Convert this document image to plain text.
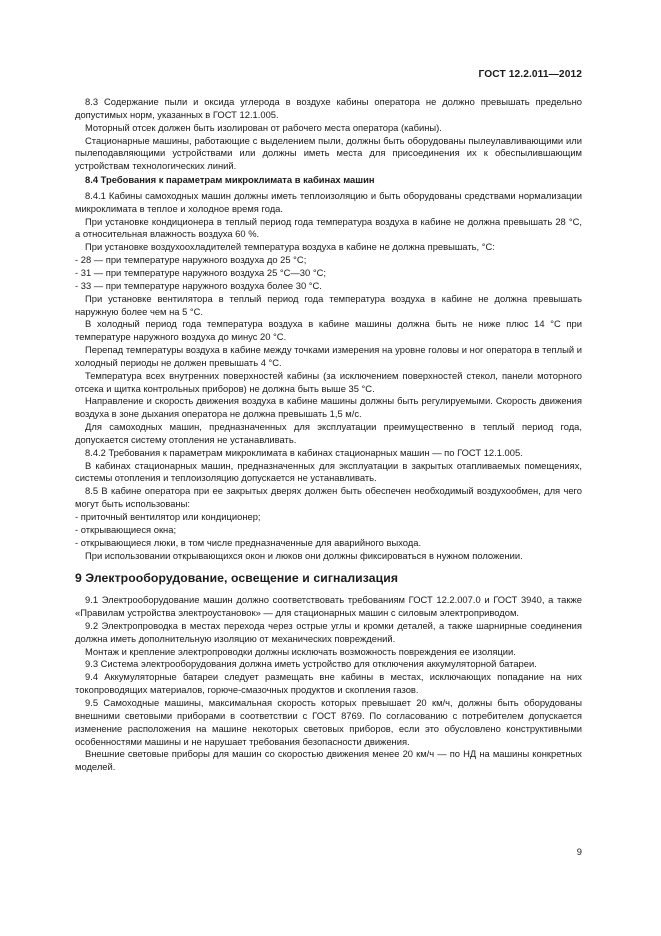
ГОСТ 12.2.011—2012

8.3 Содержание пыли и оксида углерода в воздухе кабины оператора не должно превышать предельно допустимых норм, указанных в ГОСТ 12.1.005.

Моторный отсек должен быть изолирован от рабочего места оператора (кабины).

Стационарные машины, работающие с выделением пыли, должны быть оборудованы пылеулавливающими или пылеподавляющими устройствами или должны иметь места для присоединения их к обеспылившающим устройствам технологических линий.

8.4 Требования к параметрам микроклимата в кабинах машин

8.4.1 Кабины самоходных машин должны иметь теплоизоляцию и быть оборудованы средствами нормализации микроклимата в теплое и холодное время года.

При установке кондиционера в теплый период года температура воздуха в кабине не должна превышать 28 °С, а относительная влажность воздуха 60 %.

При установке воздухоохладителей температура воздуха в кабине не должна превышать, °С:

- 28 — при температуре наружного воздуха до 25 °С;

- 31 — при температуре наружного воздуха 25 °С—30 °С;

- 33 — при температуре наружного воздуха более 30 °С.

При установке вентилятора в теплый период года температура воздуха в кабине не должна превышать наружную более чем на 5 °С.

В холодный период года температура воздуха в кабине машины должна быть не ниже плюс 14 °С при температуре наружного воздуха до минус 20 °С.

Перепад температуры воздуха в кабине между точками измерения на уровне головы и ног оператора в теплый и холодный периоды не должен превышать 4 °С.

Температура всех внутренних поверхностей кабины (за исключением поверхностей стекол, панели моторного отсека и щитка контрольных приборов) не должна быть выше 35 °С.

Направление и скорость движения воздуха в кабине машины должны быть регулируемыми. Скорость движения воздуха в зоне дыхания оператора не должна превышать 1,5 м/с.

Для самоходных машин, предназначенных для эксплуатации преимущественно в теплый период года, допускается систему отопления не устанавливать.

8.4.2 Требования к параметрам микроклимата в кабинах стационарных машин — по ГОСТ 12.1.005.

В кабинах стационарных машин, предназначенных для эксплуатации в закрытых отапливаемых помещениях, системы отопления и теплоизоляцию допускается не устанавливать.

8.5 В кабине оператора при ее закрытых дверях должен быть обеспечен необходимый воздухообмен, для чего могут быть использованы:

- приточный вентилятор или кондиционер;

- открывающиеся окна;

- открывающиеся люки, в том числе предназначенные для аварийного выхода.

При использовании открывающихся окон и люков они должны фиксироваться в нужном положении.

9 Электрооборудование, освещение и сигнализация

9.1 Электрооборудование машин должно соответствовать требованиям ГОСТ 12.2.007.0 и ГОСТ 3940, а также «Правилам устройства электроустановок» — для стационарных машин с силовым электроприводом.

9.2 Электропроводка в местах перехода через острые углы и кромки деталей, а также шарнирные соединения должна иметь дополнительную изоляцию от механических повреждений.

Монтаж и крепление электропроводки должны исключать возможность повреждения ее изоляции.

9.3 Система электрооборудования должна иметь устройство для отключения аккумуляторной батареи.

9.4 Аккумуляторные батареи следует размещать вне кабины в местах, исключающих попадание на них токопроводящих материалов, горюче-смазочных продуктов и скопления газов.

9.5 Самоходные машины, максимальная скорость которых превышает 20 км/ч, должны быть оборудованы внешними световыми приборами в соответствии с ГОСТ 8769. По согласованию с потребителем допускается изменение расположения на машине некоторых световых приборов, если это обусловлено конструктивными особенностями машины и не нарушает требования безопасности движения.

Внешние световые приборы для машин со скоростью движения менее 20 км/ч — по НД на машины конкретных моделей.

9
